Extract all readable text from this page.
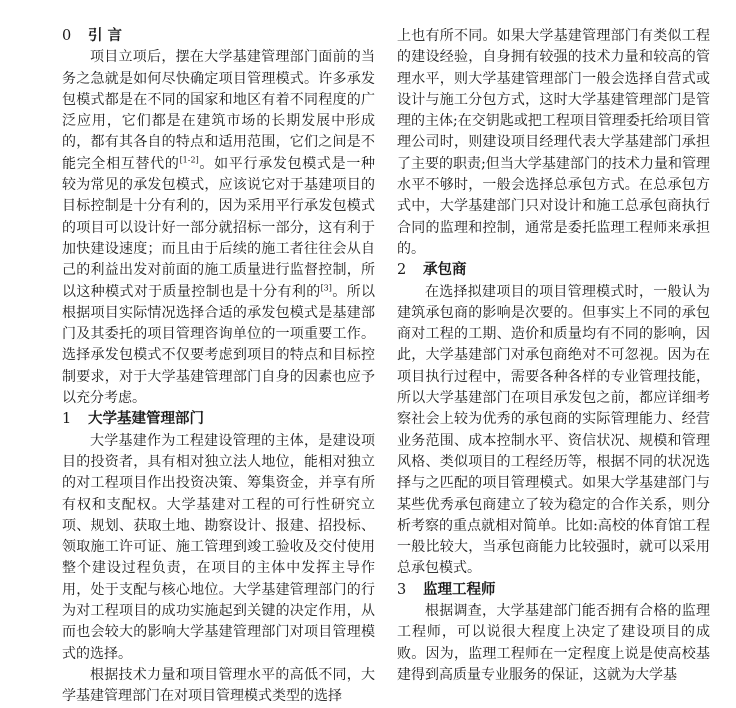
0 引 言

项目立项后，摆在大学基建管理部门面前的当务之急就是如何尽快确定项目管理模式。许多承发包模式都是在不同的国家和地区有着不同程度的广泛应用，它们都是在建筑市场的长期发展中形成的，都有其各自的特点和适用范围，它们之间是不能完全相互替代的[1-2]。如平行承发包模式是一种较为常见的承发包模式，应该说它对于基建项目的目标控制是十分有利的，因为采用平行承发包模式的项目可以设计好一部分就招标一部分，这有利于加快建设速度；而且由于后续的施工者往往会从自己的利益出发对前面的施工质量进行监督控制，所以这种模式对于质量控制也是十分有利的[3]。所以根据项目实际情况选择合适的承发包模式是基建部门及其委托的项目管理咨询单位的一项重要工作。选择承发包模式不仅要考虑到项目的特点和目标控制要求，对于大学基建管理部门自身的因素也应予以充分考虑。

1 大学基建管理部门

大学基建作为工程建设管理的主体，是建设项目的投资者，具有相对独立法人地位，能相对独立的对工程项目作出投资决策、筹集资金，并享有所有权和支配权。大学基建对工程的可行性研究立项、规划、获取土地、勘察设计、报建、招投标、领取施工许可证、施工管理到竣工验收及交付使用整个建设过程负责，在项目的主体中发挥主导作用，处于支配与核心地位。大学基建管理部门的行为对工程项目的成功实施起到关键的决定作用，从而也会较大的影响大学基建管理部门对项目管理模式的选择。

根据技术力量和项目管理水平的高低不同，大学基建管理部门在对项目管理模式类型的选择

上也有所不同。如果大学基建管理部门有类似工程的建设经验，自身拥有较强的技术力量和较高的管理水平，则大学基建管理部门一般会选择自营式或设计与施工分包方式，这时大学基建管理部门是管理的主体;在交钥匙或把工程项目管理委托给项目管理公司时，则建设项目经理代表大学基建部门承担了主要的职责;但当大学基建部门的技术力量和管理水平不够时，一般会选择总承包方式。在总承包方式中，大学基建部门只对设计和施工总承包商执行合同的监理和控制，通常是委托监理工程师来承担的。

2 承包商

在选择拟建项目的项目管理模式时，一般认为建筑承包商的影响是次要的。但事实上不同的承包商对工程的工期、造价和质量均有不同的影响，因此，大学基建部门对承包商绝对不可忽视。因为在项目执行过程中，需要各种各样的专业管理技能，所以大学基建部门在项目承发包之前，都应详细考察社会上较为优秀的承包商的实际管理能力、经营业务范围、成本控制水平、资信状况、规模和管理风格、类似项目的工程经历等，根据不同的状况选择与之匹配的项目管理模式。如果大学基建部门与某些优秀承包商建立了较为稳定的合作关系，则分析考察的重点就相对简单。比如:高校的体育馆工程一般比较大，当承包商能力比较强时，就可以采用总承包模式。

3 监理工程师

根据调查，大学基建部门能否拥有合格的监理工程师，可以说很大程度上决定了建设项目的成败。因为，监理工程师在一定程度上说是使高校基建得到高质量专业服务的保证，这就为大学基
